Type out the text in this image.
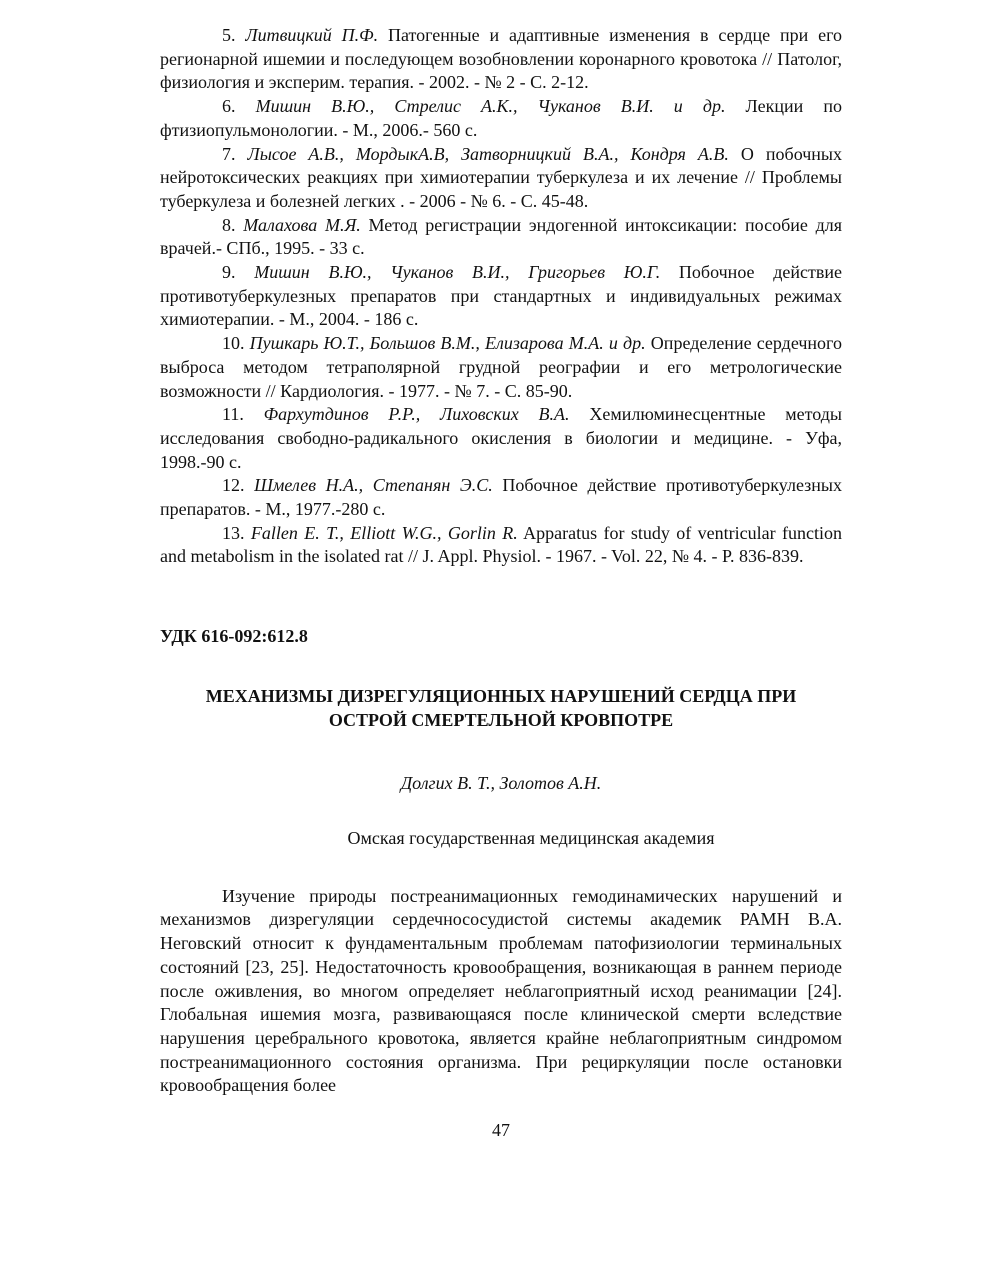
5. Литвицкий П.Ф. Патогенные и адаптивные изменения в сердце при его регионарной ишемии и последующем возобновлении коронарного кровотока // Патолог, физиология и эксперим. терапия. - 2002. - № 2 - С. 2-12.

6. Мишин В.Ю., Стрелис А.К., Чуканов В.И. и др. Лекции по фтизиопульмонологии. - М., 2006.- 560 с.

7. Лысое А.В., МордыкА.В, Затворницкий В.А., Кондря А.В. О побочных нейротоксических реакциях при химиотерапии туберкулеза и их лечение // Проблемы туберкулеза и болезней легких . - 2006 - № 6. - С. 45-48.

8. Малахова М.Я. Метод регистрации эндогенной интоксикации: пособие для врачей.- СПб., 1995. - 33 с.

9. Мишин В.Ю., Чуканов В.И., Григорьев Ю.Г. Побочное действие противотуберкулезных препаратов при стандартных и индивидуальных режимах химиотерапии. - М., 2004. - 186 с.

10. Пушкарь Ю.Т., Большов В.М., Елизарова М.А. и др. Определение сердечного выброса методом тетраполярной грудной реографии и его метрологические возможности // Кардиология. - 1977. - № 7. - С. 85-90.

11. Фархутдинов Р.Р., Лиховских В.А. Хемилюминесцентные методы исследования свободно-радикального окисления в биологии и медицине. - Уфа, 1998.-90 с.

12. Шмелев Н.А., Степанян Э.С. Побочное действие противотуберкулезных препаратов. - М., 1977.-280 с.

13. Fallen E. T., Elliott W.G., Gorlin R. Apparatus for study of ventricular function and metabolism in the isolated rat // J. Appl. Physiol. - 1967. - Vol. 22, № 4. - P. 836-839.

УДК 616-092:612.8

МЕХАНИЗМЫ ДИЗРЕГУЛЯЦИОННЫХ НАРУШЕНИЙ СЕРДЦА ПРИ
ОСТРОЙ СМЕРТЕЛЬНОЙ КРОВПОТРЕ

Долгих В. Т., Золотов А.Н.

Омская государственная медицинская академия

Изучение природы постреанимационных гемодинамических нарушений и механизмов дизрегуляции сердечнососудистой системы академик РАМН В.А. Неговский относит к фундаментальным проблемам патофизиологии терминальных состояний [23, 25]. Недостаточность кровообращения, возникающая в раннем периоде после оживления, во многом определяет неблагоприятный исход реанимации [24]. Глобальная ишемия мозга, развивающаяся после клинической смерти вследствие нарушения церебрального кровотока, является крайне неблагоприятным синдромом постреанимационного состояния организма. При рециркуляции после остановки кровообращения более

47
